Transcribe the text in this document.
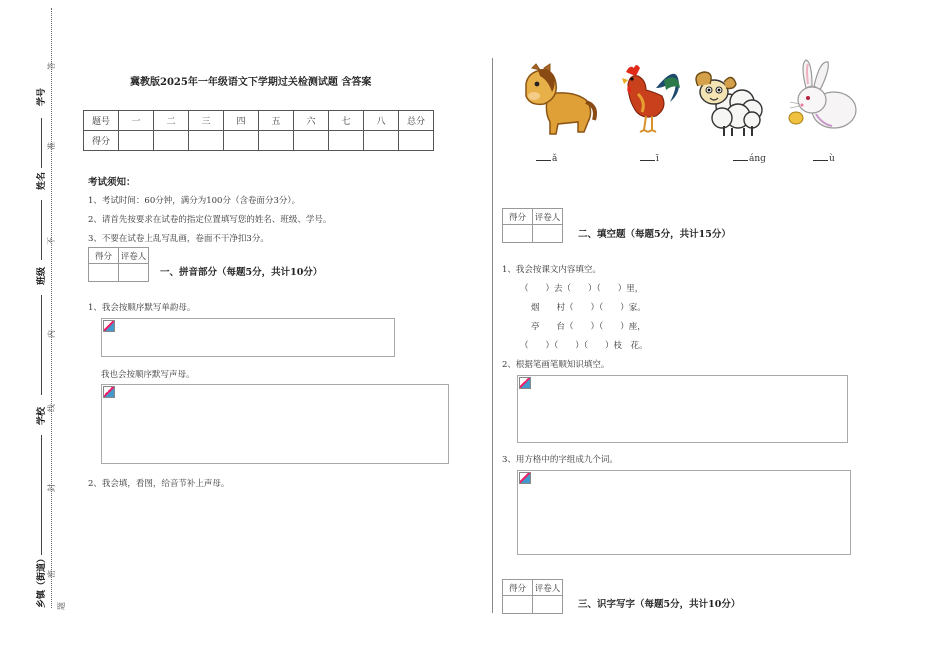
学号
姓名
班级
学校
乡镇（街道）
答
准
不
内
线
封
密
题
冀教版2025年一年级语文下学期过关检测试题 含答案
题号	一	二	三	四	五	六	七	八	总分
得分									
考试须知：
1、考试时间：60分钟，满分为100分（含卷面分3分）。
2、请首先按要求在试卷的指定位置填写您的姓名、班级、学号。
3、不要在试卷上乱写乱画，卷面不干净扣3分。
得分	评卷人

一、拼音部分（每题5分，共计10分）
1、我会按顺序默写单韵母。
我也会按顺序默写声母。
2、我会填，看图，给音节补上声母。
ǎ	ī	ánɡ	ù
得分	评卷人

二、填空题（每题5分，共计15分）
1、我会按课文内容填空。
（　　）去（　　）（　　）里，
烟　　村（　　）（　　）家。
亭　　台（　　）（　　）座，
（　　）（　　）（　　）枝　花。
2、根据笔画笔顺知识填空。
3、用方格中的字组成九个词。
得分	评卷人

三、识字写字（每题5分，共计10分）
